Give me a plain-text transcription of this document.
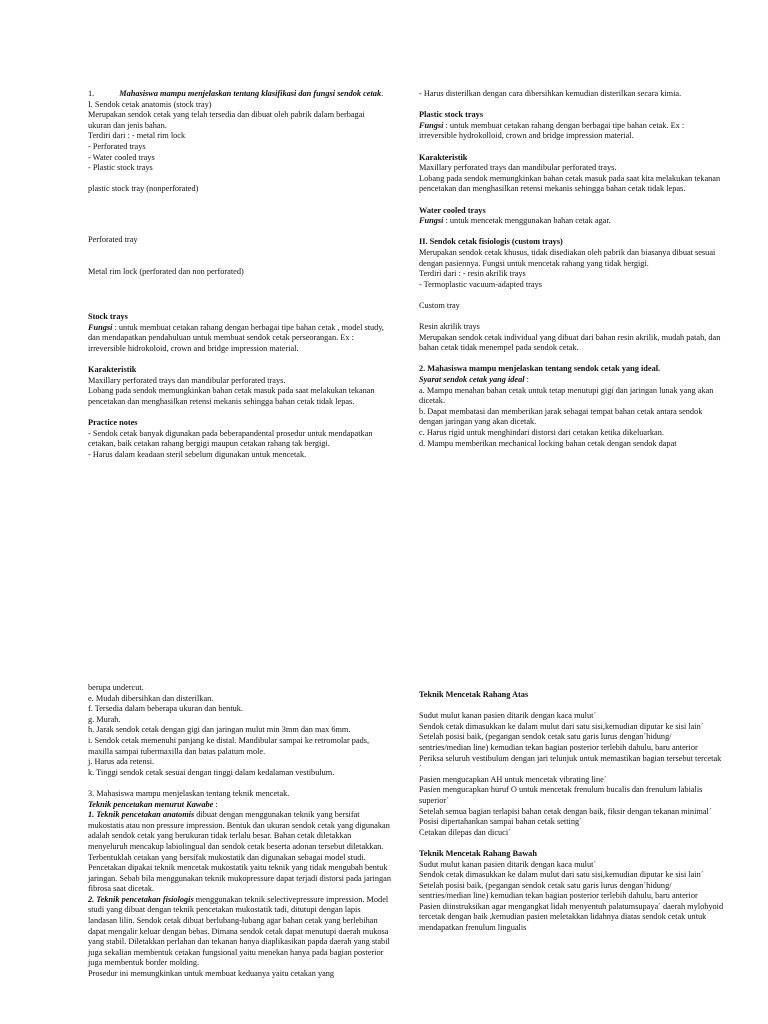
1.	Mahasiswa mampu menjelaskan tentang klasifikasi dan fungsi sendok cetak.

I. Sendok cetak anatomis (stock tray)

Merupakan sendok cetak yang telah tersedia dan dibuat oleh pabrik dalam berbagai ukuran dan jenis bahan.

Terdiri dari : - metal rim lock

- Perforated trays

- Water cooled trays

- Plastic stock trays

plastic stock tray (nonperforated)

Perforated tray

Metal rim lock (perforated dan non perforated)

Stock trays

Fungsi : untuk membuat cetakan rahang dengan berbagai tipe bahan cetak , model study, dan mendapatkan pendahuluan untuk membuat sendok cetak perseorangan. Ex : irreversible hidrokoloid, crown and bridge impression material.

Karakteristik

Maxillary perforated trays dan mandibular perforated trays.

Lobang pada sendok memungkinkan bahan cetak masuk pada saat melakukan tekanan pencetakan dan menghasilkan retensi mekanis sehingga bahan cetak tidak lepas.

Practice notes

- Sendok cetak banyak digunakan pada beberapandental prosedur untuk mendapatkan cetakan, baik cetakan rahang bergigi maupun cetakan rahang tak bergigi.

- Harus dalam keadaan steril sebelum digunakan untuk mencetak.

- Harus disterilkan dengan cara dibersihkan kemudian disterilkan secara kimia.

Plastic stock trays

Fungsi : untuk membuat cetakan rahang dengan berbagai tipe bahan cetak. Ex : irreversible hydrokolloid, crown and bridge impression material.

Karakteristik

Maxillary perforated trays dan mandibular perforated trays.

Lobang pada sendok memungkinkan bahan cetak masuk pada saat kita melakukan tekanan pencetakan dan menghasilkan retensi mekanis sehingga bahan cetak tidak lepas.

Water cooled trays

Fungsi : untuk mencetak menggunakan bahan cetak agar.

II. Sendok cetak fisiologis (custom trays)

Merupakan sendok cetak khusus, tidak disediakan oleh pabrik dan biasanya dibuat sesuai dengan pasiennya. Fungsi untuk mencetak rahang yang tidak bergigi.

Terdiri dari : - resin akrilik trays

- Termoplastic vacuum-adapted trays

Custom tray

Resin akrilik trays

Merupakan sendok cetak individual yang dibuat dari bahan resin akrilik, mudah patah, dan bahan cetak tidak menempel pada sendok cetak.

2. Mahasiswa mampu menjelaskan tentang sendok cetak yang ideal.

Syarat sendok cetak yang ideal :

a. Mampu menahan bahan cetak untuk tetap menutupi gigi dan jaringan lunak yang akan dicetak.

b. Dapat membatasi dan memberikan jarak sebagai tempat bahan cetak antara sendok dengan jaringan yang akan dicetak.

c. Harus rigid untuk menghindari distorsi dari cetakan ketika dikeluarkan.

d. Mampu memberikan mechanical locking bahan cetak dengan sendok dapat

berupa undercut.

e. Mudah dibersihkan dan disterilkan.

f. Tersedia dalam beberapa ukuran dan bentuk.

g. Murah.

h. Jarak sendok cetak dengan gigi dan jaringan mulut min 3mm dan max 6mm.

i. Sendok cetak memenuhi panjang ke distal. Mandibular sampai ke retromolar pads, maxilla sampai tubermaxilla dan batas palatum mole.

j. Harus ada retensi.

k. Tinggi sendok cetak sesuai dengan tinggi dalam kedalaman vestibulum.

3. Mahasiswa mampu menjelaskan tentang teknik mencetak.

Teknik pencetakan menurut Kawabe :

1. Teknik pencetakan anatomis dibuat dengan menggunakan teknik yang bersifat mukostatis atau non pressure impression. Bentuk dan ukuran sendok cetak yang digunakan adalah sendok cetak yang berukuran tidak terlalu besar. Bahan cetak diletakkan menyeluruh mencakup labiolingual dan sendok cetak beserta adonan tersebut diletakkan. Terbentuklah cetakan yang bersifak mukostatik dan digunakan sebagai model studi.

Pencetakan dipakai teknik mencetak mukostatik yaitu teknik yang tidak mengubah bentuk jaringan. Sebab bila menggunakan teknik mukopressure dapat terjadi distorsi pada jaringan fibrosa saat dicetak.

2. Teknik pencetakan fisiologis menggunakan teknik selectivepressure impression. Model studi yang dibuat dengan teknik pencetakan mukostatik tadi, ditutupi dengan lapis landasan lilin. Sendok cetak dibuat berlubang-lubang agar bahan cetak yang berlebihan dapat mengalir keluar dengan bebas. Dimana sendok cetak dapat menutupi daerah mukosa yang stabil. Diletakkan perlahan dan tekanan hanya diaplikasikan papda daerah yang stabil juga sekalian membentuk cetakan fungsional yaitu menekan hanya pada bagian posterior juga membentuk border molding.

Prosedur ini memungkinkan untuk membuat keduanya yaitu cetakan yang

Teknik Mencetak Rahang Atas

Sudut mulut kanan pasien ditarik dengan kaca mulut´

Sendok cetak dimasukkan ke dalam mulut dari satu sisi,kemudian diputar ke sisi lain´

Setelah posisi baik, (pegangan sendok cetak satu garis lurus dengan´hidung/ sentries/median line) kemudian tekan bagian posterior terlebih dahulu, baru anterior

Periksa seluruh vestibulum dengan jari telunjuk untuk memastikan bagian tersebut tercetak´

Pasien mengucapkan AH untuk mencetak vibrating line´

Pasien mengucapkan huruf O untuk mencetak frenulum bucalis dan frenulum labialis superior´

Setelah semua bagian terlapisi bahan cetak dengan baik, fiksir dengan tekanan minimal´

Posisi dipertahankan sampai bahan cetak setting´

Cetakan dilepas dan dicuci´

Teknik Mencetak Rahang Bawah

Sudut mulut kanan pasien ditarik dengan kaca mulut´

Sendok cetak dimasukkan ke dalam mulut dari satu sisi,kemudian diputar ke sisi lain´

Setelah posisi baik, (pegangan sendok cetak satu garis lurus dengan´hidung/ sentries/median line) kemudian tekan bagian posterior terlebih dahulu, baru anterior

Pasien diinstruksikan agar mengangkat lidah menyentuh palatumsupaya´ daerah mylohyoid tercetak dengan baik ,kemudian pasien meletakkan lidahnya diatas sendok cetak untuk mendapatkan frenulum lingualis
